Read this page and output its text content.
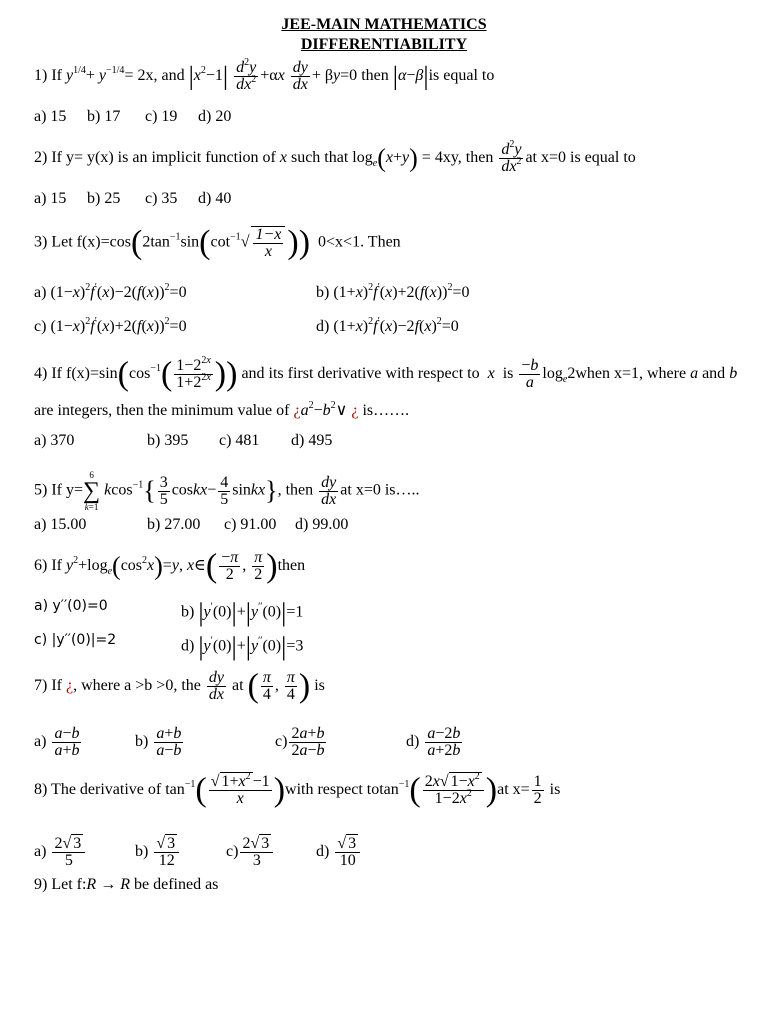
JEE-MAIN MATHEMATICS
DIFFERENTIABILITY
1) If $y^{1/4}+ y^{-1/4}= 2x$, and $|x^2-1| \frac{d^2y}{dx^2} +\alpha x \frac{dy}{dx} + \beta y=0$ then |α−β|is equal to
a) 15 b) 17 c) 19 d) 20
2) If y= y(x) is an implicit function of x such that $\log_e(x+y) = 4xy$, then $\frac{d^2y}{dx^2}$ at x=0 is equal to
a) 15 b) 25 c) 35 d) 40
3) Let $f(x)=\cos(2\tan^{-1}\sin(\cot^{-1}√ \frac{1-x}{x}$ )) 0<x<1. Then
a) $(1-x)^2f'(x)-2(f(x))^2=0$	b) $(1+x)^2f'(x)+2(f(x))^2=0$
c) $(1-x)^2f'(x)+2(f(x))^2=0$	d) $(1+x)^2f'(x)-2f(x)^2=0$
4) If $f(x)=\sin(\cos^{-1}( \frac{1-2^{2x}}{1+2^{2x}}$ )) and its first derivative with respect to x is $\frac{-b}{a}$ $\log_e2when$ x=1, where a and b
are integers, then the minimum value of ¿$a^2-b^2\vee$ ¿ is…….
a) 370	b) 395 c) 481 d) 495
5) If y=
6
∑
k=1
$kcos^{-1}\{ \frac{3}{5}$ coskx− $\frac{4}{5}$ sinkx}, then $\frac{dy}{dx}$ at x=0 is…..
a) 15.00	b) 27.00 c) 91.00 d) 99.00
6) If $y^2+\log_e(\cos^2x)=y$, x∈( $\frac{-\pi}{2}$ , $\frac{\pi}{2}$ )then
a) y′′(0)=0	b) |y′(0)|+|y′′(0)|=1
c) |y′′(0)|=2	d) |y′(0)|+|y′′(0)|=3
7) If ¿, where a >b >0, the $\frac{dy}{dx}$ at ( $\frac{\pi}{4}$ , $\frac{\pi}{4}$ ) is
$a) \frac{a-b}{a+b}$	$b) \frac{a+b}{a-b}$	$c) \frac{2a+b}{2a-b}$	$d) \frac{a-2b}{a+2b}$
8) The derivative of $\tan^{-1}( \frac{√ 1+x^2 -1}{x}$ )with respect $totan^{-1}( \frac{2x√ 1-x^2}{1-2x^2} )at$ $x= \frac{1}{2}$ is
$a) \frac{2√ 3}{5}$	$b) \frac{√ 3}{12}$	$c) \frac{2√ 3}{3}$	$d) \frac{√ 3}{10}$
9) Let f:R → R be defined as
